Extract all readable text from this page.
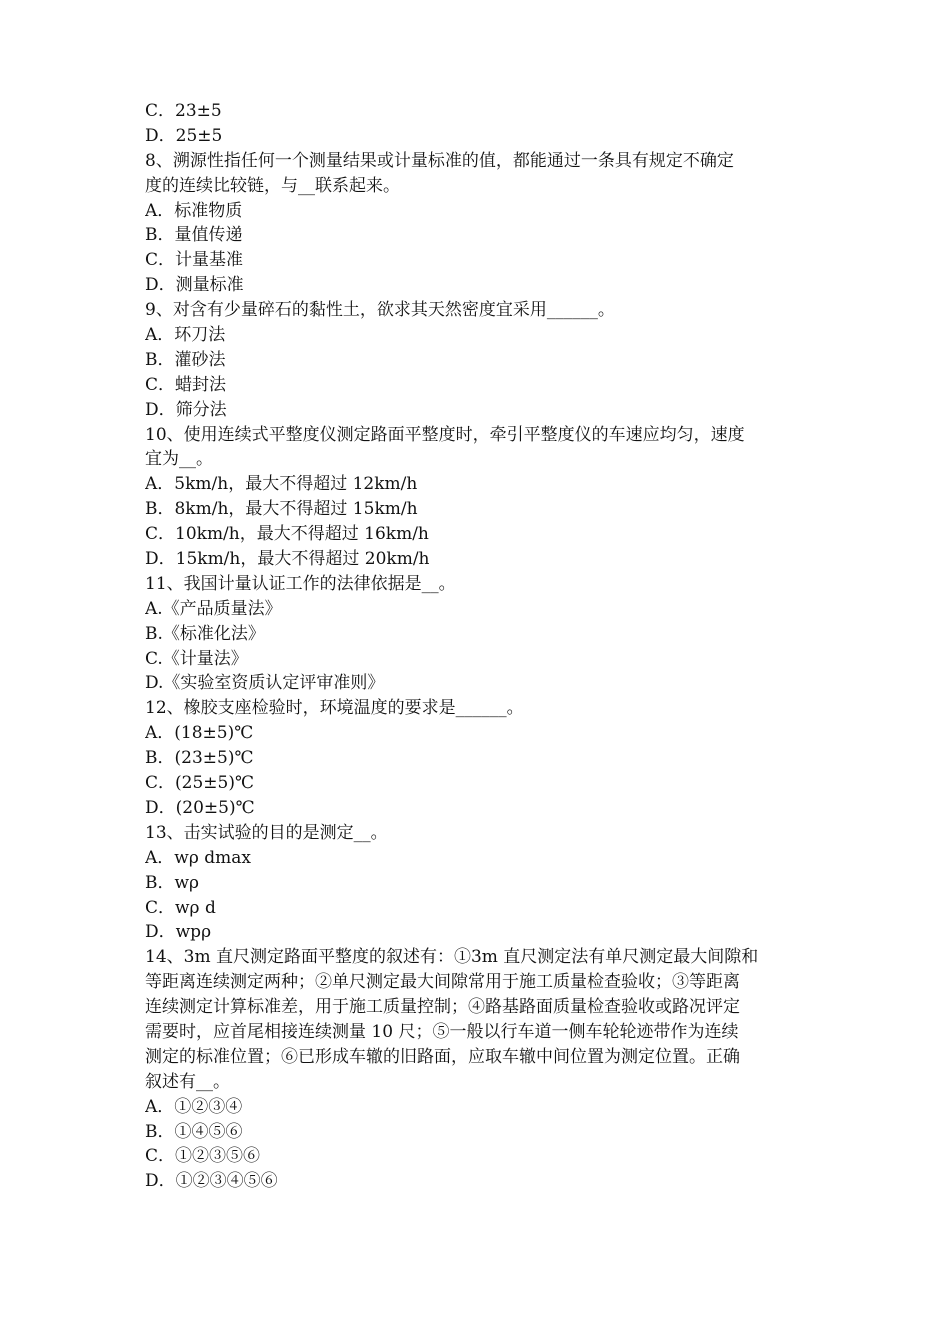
C．23±5
D．25±5
8、溯源性指任何一个测量结果或计量标准的值，都能通过一条具有规定不确定
度的连续比较链，与__联系起来。
A．标准物质
B．量值传递
C．计量基准
D．测量标准
9、对含有少量碎石的黏性土，欲求其天然密度宜采用______。
A．环刀法
B．灌砂法
C．蜡封法
D．筛分法
10、使用连续式平整度仪测定路面平整度时，牵引平整度仪的车速应均匀，速度
宜为__。
A．5km/h，最大不得超过 12km/h
B．8km/h，最大不得超过 15km/h
C．10km/h，最大不得超过 16km/h
D．15km/h，最大不得超过 20km/h
11、我国计量认证工作的法律依据是__。
A.《产品质量法》
B.《标准化法》
C.《计量法》
D.《实验室资质认定评审准则》
12、橡胶支座检验时，环境温度的要求是______。
A．(18±5)℃
B．(23±5)℃
C．(25±5)℃
D．(20±5)℃
13、击实试验的目的是测定__。
A．wρ dmax
B．wρ
C．wρ d
D．wpρ
14、3m 直尺测定路面平整度的叙述有：①3m 直尺测定法有单尺测定最大间隙和
等距离连续测定两种；②单尺测定最大间隙常用于施工质量检查验收；③等距离
连续测定计算标准差，用于施工质量控制；④路基路面质量检查验收或路况评定
需要时，应首尾相接连续测量 10 尺；⑤一般以行车道一侧车轮轮迹带作为连续
测定的标准位置；⑥已形成车辙的旧路面，应取车辙中间位置为测定位置。正确
叙述有__。
A．①②③④
B．①④⑤⑥
C．①②③⑤⑥
D．①②③④⑤⑥
